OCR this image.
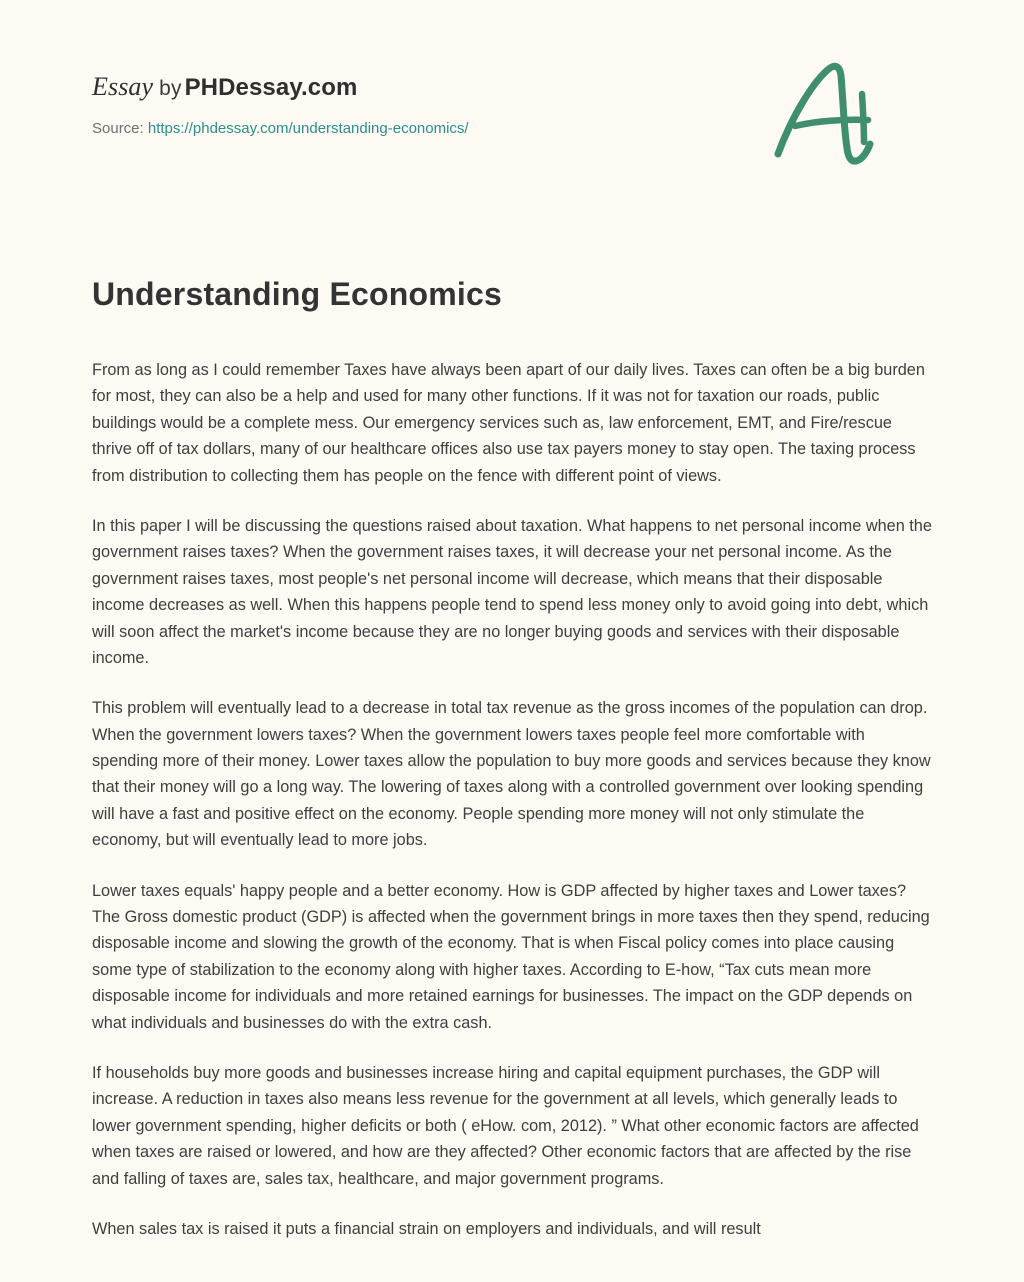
Essay by PHDessay.com
Source: https://phdessay.com/understanding-economics/
Understanding Economics

From as long as I could remember Taxes have always been apart of our daily lives. Taxes can often be a big burden for most, they can also be a help and used for many other functions. If it was not for taxation our roads, public buildings would be a complete mess. Our emergency services such as, law enforcement, EMT, and Fire/rescue thrive off of tax dollars, many of our healthcare offices also use tax payers money to stay open. The taxing process from distribution to collecting them has people on the fence with different point of views.

In this paper I will be discussing the questions raised about taxation. What happens to net personal income when the government raises taxes? When the government raises taxes, it will decrease your net personal income. As the government raises taxes, most people's net personal income will decrease, which means that their disposable income decreases as well. When this happens people tend to spend less money only to avoid going into debt, which will soon affect the market's income because they are no longer buying goods and services with their disposable income.

This problem will eventually lead to a decrease in total tax revenue as the gross incomes of the population can drop. When the government lowers taxes? When the government lowers taxes people feel more comfortable with spending more of their money. Lower taxes allow the population to buy more goods and services because they know that their money will go a long way. The lowering of taxes along with a controlled government over looking spending will have a fast and positive effect on the economy. People spending more money will not only stimulate the economy, but will eventually lead to more jobs.

Lower taxes equals' happy people and a better economy. How is GDP affected by higher taxes and Lower taxes? The Gross domestic product (GDP) is affected when the government brings in more taxes then they spend, reducing disposable income and slowing the growth of the economy. That is when Fiscal policy comes into place causing some type of stabilization to the economy along with higher taxes. According to E-how, “Tax cuts mean more disposable income for individuals and more retained earnings for businesses. The impact on the GDP depends on what individuals and businesses do with the extra cash.

If households buy more goods and businesses increase hiring and capital equipment purchases, the GDP will increase. A reduction in taxes also means less revenue for the government at all levels, which generally leads to lower government spending, higher deficits or both ( eHow. com, 2012). ” What other economic factors are affected when taxes are raised or lowered, and how are they affected? Other economic factors that are affected by the rise and falling of taxes are, sales tax, healthcare, and major government programs.

When sales tax is raised it puts a financial strain on employers and individuals, and will result
